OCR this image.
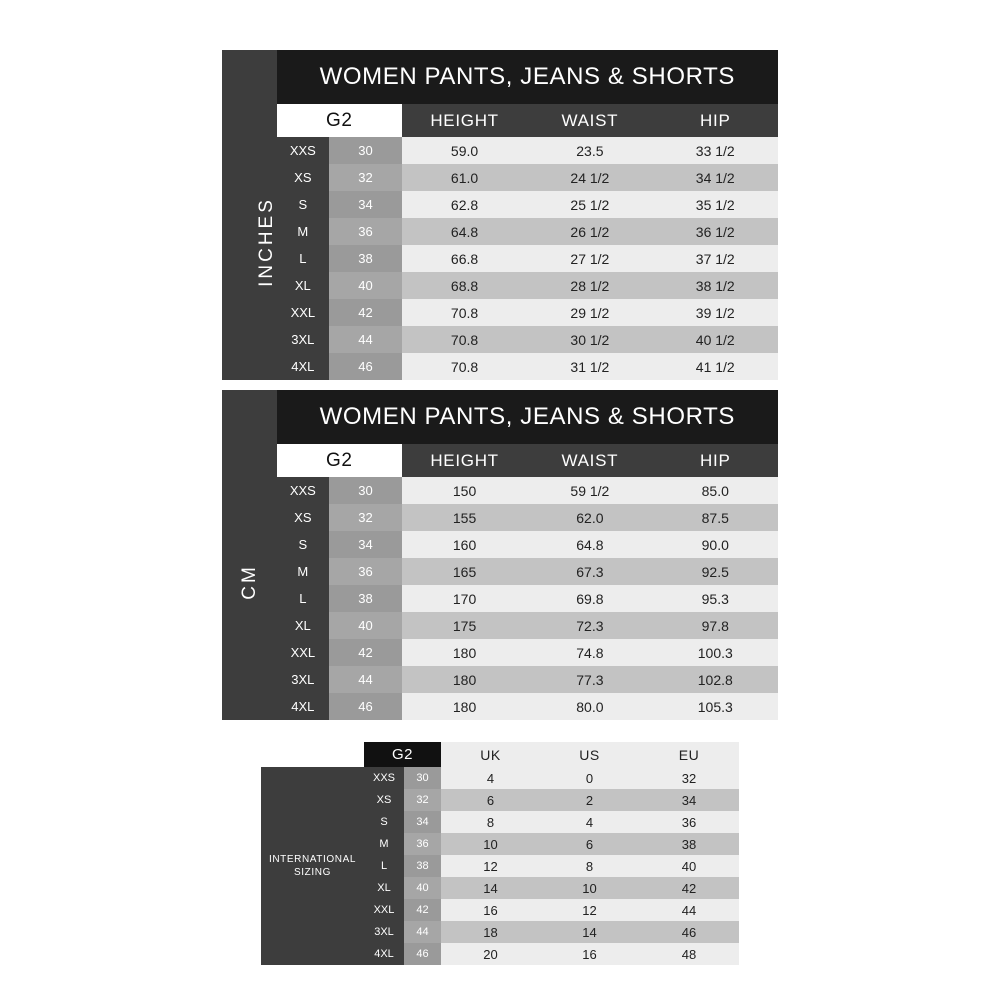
	WOMEN PANTS, JEANS & SHORTS				
INCHES	G2		HEIGHT	WAIST	HIP
	XXS	30	59.0	23.5	33 1/2
	XS	32	61.0	24 1/2	34 1/2
	S	34	62.8	25 1/2	35 1/2
	M	36	64.8	26 1/2	36 1/2
	L	38	66.8	27 1/2	37 1/2
	XL	40	68.8	28 1/2	38 1/2
	XXL	42	70.8	29 1/2	39 1/2
	3XL	44	70.8	30 1/2	40 1/2
	4XL	46	70.8	31 1/2	41 1/2
	WOMEN PANTS, JEANS & SHORTS				
CM	G2		HEIGHT	WAIST	HIP
	XXS	30	150	59 1/2	85.0
	XS	32	155	62.0	87.5
	S	34	160	64.8	90.0
	M	36	165	67.3	92.5
	L	38	170	69.8	95.3
	XL	40	175	72.3	97.8
	XXL	42	180	74.8	100.3
	3XL	44	180	77.3	102.8
	4XL	46	180	80.0	105.3
	G2		UK	US	EU

INTERNATIONAL
SIZING	XXS	30	4	0	32
	XS	32	6	2	34
	S	34	8	4	36
	M	36	10	6	38
	L	38	12	8	40
	XL	40	14	10	42
	XXL	42	16	12	44
	3XL	44	18	14	46
	4XL	46	20	16	48
